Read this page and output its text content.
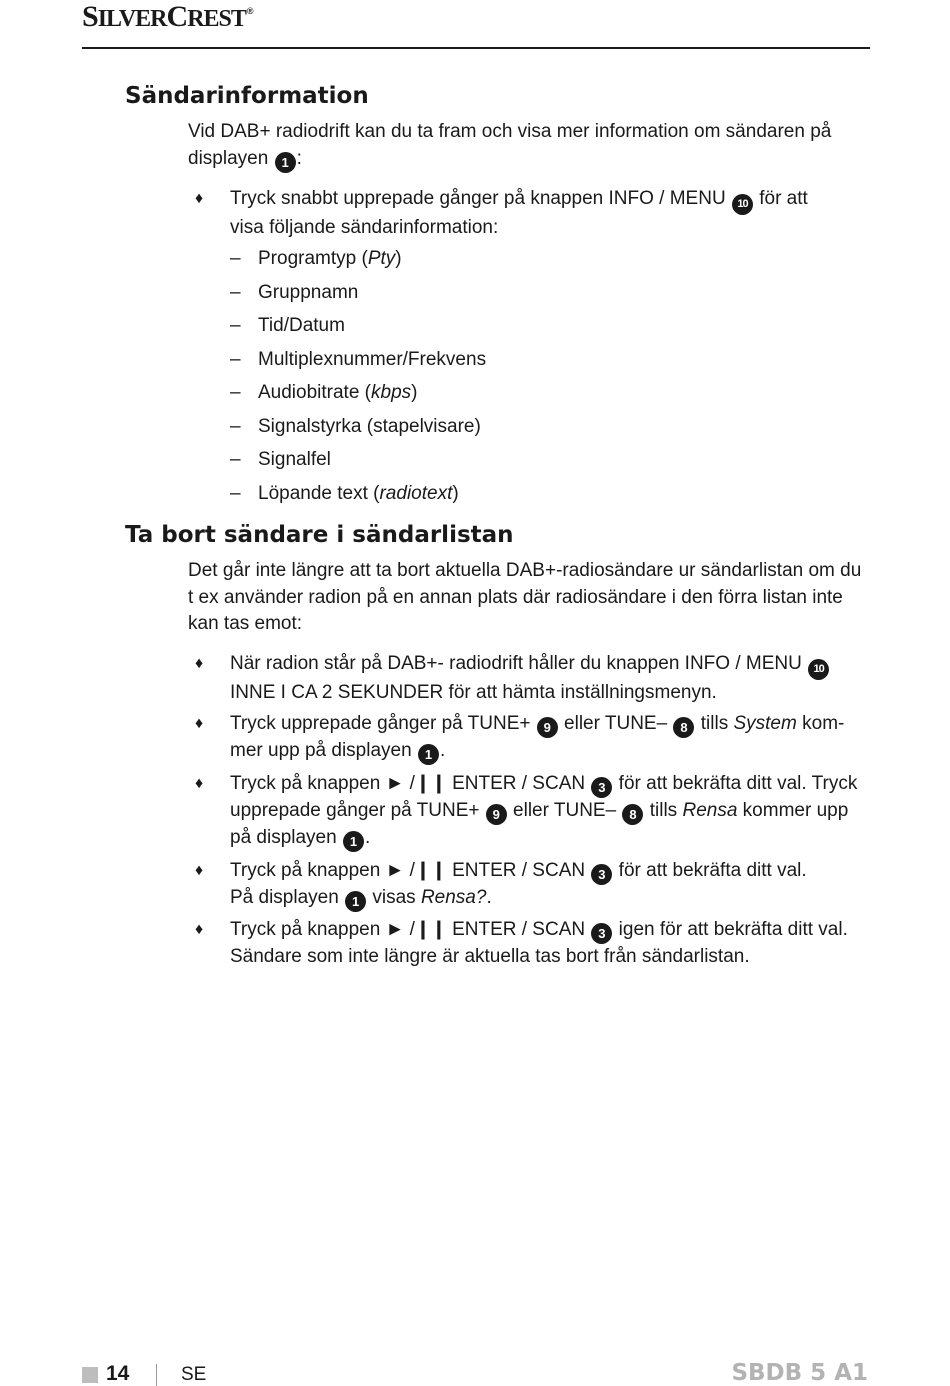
SILVERCREST®
Sändarinformation

Vid DAB+ radiodrift kan du ta fram och visa mer information om sändaren på
displayen 1 :

♦	Tryck snabbt upprepade gånger på knappen INFO / MENU 10 för att
visa följande sändarinformation:
– Programtyp (Pty)
– Gruppnamn
– Tid/Datum
– Multiplexnummer/Frekvens
– Audiobitrate (kbps)
– Signalstyrka (stapelvisare)
– Signalfel
– Löpande text (radiotext)
Ta bort sändare i sändarlistan

Det går inte längre att ta bort aktuella DAB+-radiosändare ur sändarlistan om du
t ex använder radion på en annan plats där radiosändare i den förra listan inte
kan tas emot:

♦	När radion står på DAB+- radiodrift håller du knappen INFO / MENU 10
INNE I CA 2 SEKUNDER för att hämta inställningsmenyn.
♦	Tryck upprepade gånger på TUNE+ 9 eller TUNE– 8 tills System kom-
mer upp på displayen 1 .
♦	Tryck på knappen ► /❙❙ ENTER / SCAN 3 för att bekräfta ditt val. Tryck
upprepade gånger på TUNE+ 9 eller TUNE– 8 tills Rensa kommer upp
på displayen 1 .
♦	Tryck på knappen ► /❙❙ ENTER / SCAN 3 för att bekräfta ditt val.
På displayen 1 visas Rensa?.
♦	Tryck på knappen ► /❙❙ ENTER / SCAN 3 igen för att bekräfta ditt val.
Sändare som inte längre är aktuella tas bort från sändarlistan.
14	SE	SBDB 5 A1
